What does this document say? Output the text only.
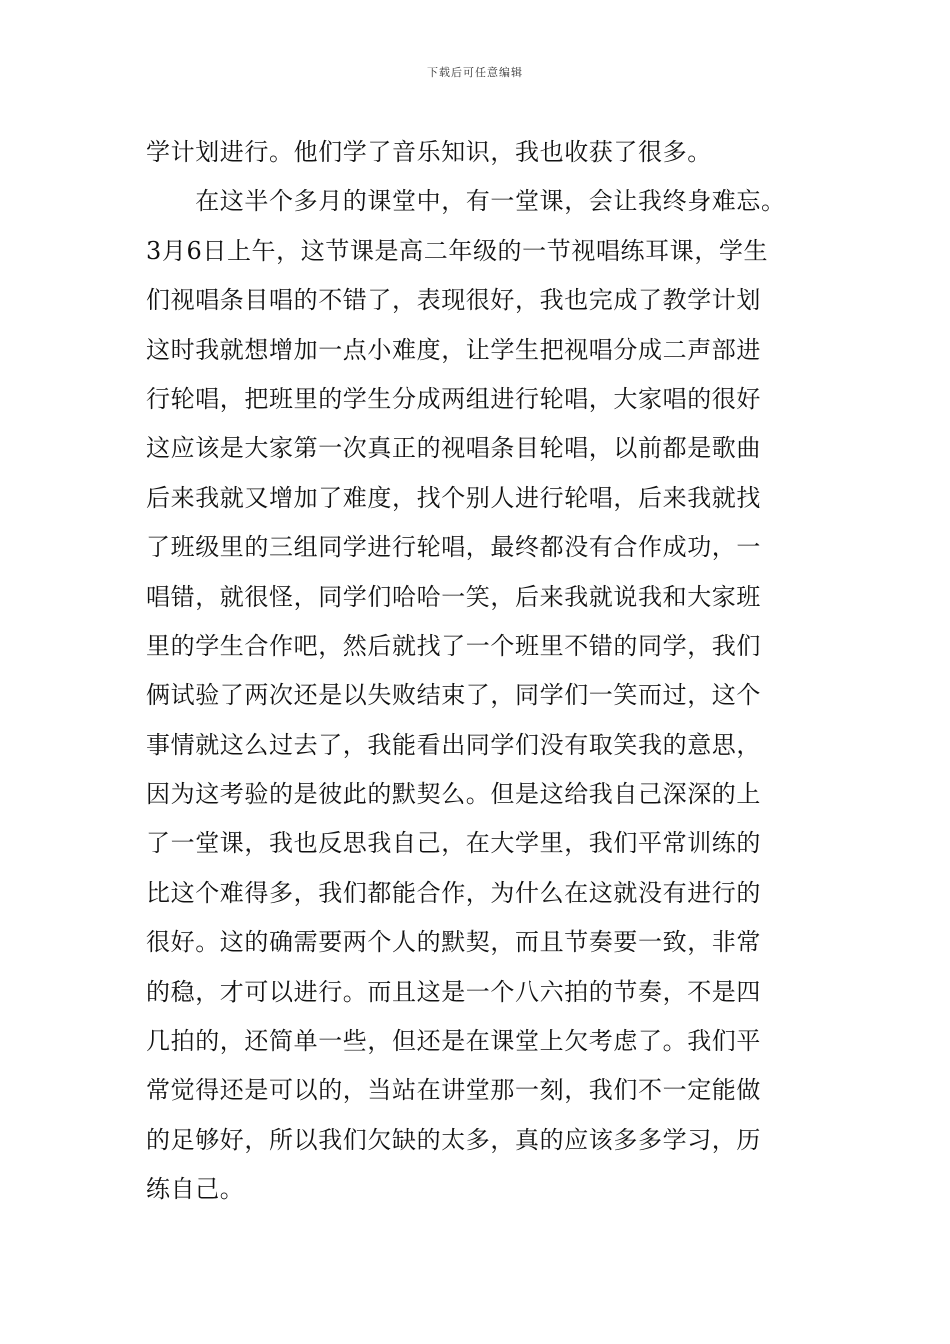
下载后可任意编辑
学计划进行。他们学了音乐知识，我也收获了很多。
　　在这半个多月的课堂中，有一堂课，会让我终身难忘。
3月6日上午，这节课是高二年级的一节视唱练耳课，学生
们视唱条目唱的不错了，表现很好，我也完成了教学计划
这时我就想增加一点小难度，让学生把视唱分成二声部进
行轮唱，把班里的学生分成两组进行轮唱，大家唱的很好
这应该是大家第一次真正的视唱条目轮唱，以前都是歌曲
后来我就又增加了难度，找个别人进行轮唱，后来我就找
了班级里的三组同学进行轮唱，最终都没有合作成功，一
唱错，就很怪，同学们哈哈一笑，后来我就说我和大家班
里的学生合作吧，然后就找了一个班里不错的同学，我们
俩试验了两次还是以失败结束了，同学们一笑而过，这个
事情就这么过去了，我能看出同学们没有取笑我的意思，
因为这考验的是彼此的默契么。但是这给我自己深深的上
了一堂课，我也反思我自己，在大学里，我们平常训练的
比这个难得多，我们都能合作，为什么在这就没有进行的
很好。这的确需要两个人的默契，而且节奏要一致，非常
的稳，才可以进行。而且这是一个八六拍的节奏，不是四
几拍的，还简单一些，但还是在课堂上欠考虑了。我们平
常觉得还是可以的，当站在讲堂那一刻，我们不一定能做
的足够好，所以我们欠缺的太多，真的应该多多学习，历
练自己。
